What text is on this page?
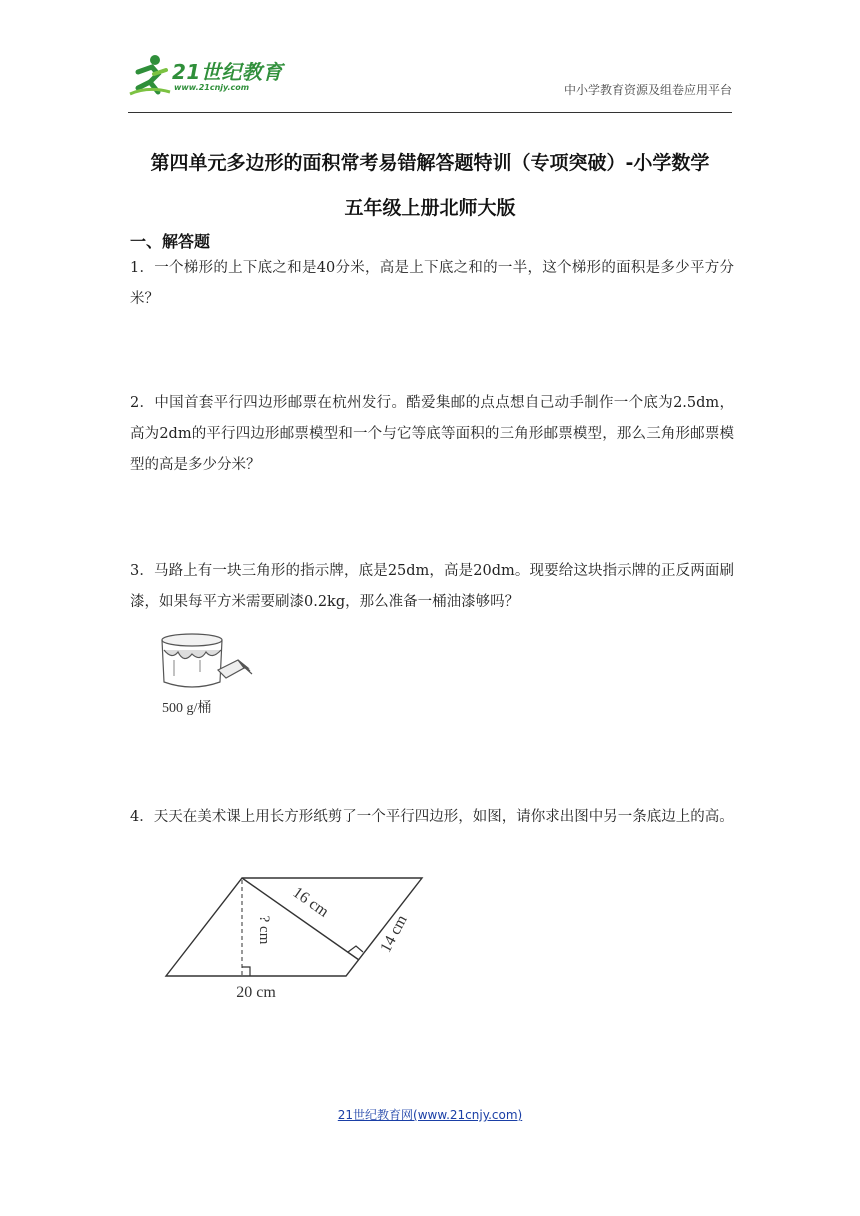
21世纪教育
www.21cnjy.com	中小学教育资源及组卷应用平台
第四单元多边形的面积常考易错解答题特训（专项突破）-小学数学
五年级上册北师大版
一、解答题
1．一个梯形的上下底之和是40分米，高是上下底之和的一半，这个梯形的面积是多少平方分米？
2．中国首套平行四边形邮票在杭州发行。酷爱集邮的点点想自己动手制作一个底为2.5dm，高为2dm的平行四边形邮票模型和一个与它等底等面积的三角形邮票模型，那么三角形邮票模型的高是多少分米？
3．马路上有一块三角形的指示牌，底是25dm，高是20dm。现要给这块指示牌的正反两面刷漆，如果每平方米需要刷漆0.2kg，那么准备一桶油漆够吗？
500 g/桶
4．天天在美术课上用长方形纸剪了一个平行四边形，如图，请你求出图中另一条底边上的高。
16 cm
14 cm
? cm
20 cm
21世纪教育网(www.21cnjy.com)
